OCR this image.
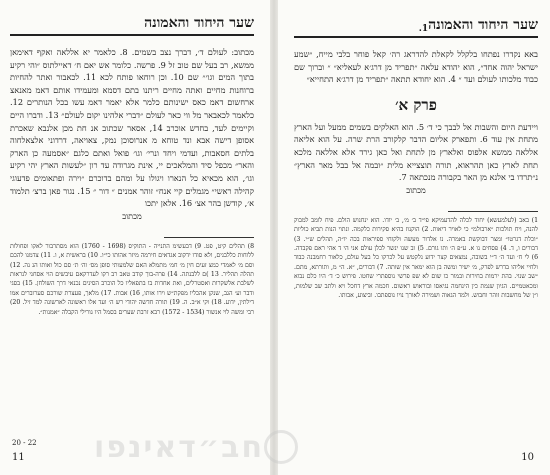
שער היחוד והאמונה
מכתוב: לעולם ד׳, דברך נצב בשמים. 8. כלאמר יא אללאה ואקף דאימאן ממשא, רב בעל שם טוב זל 9. פרשה. כלומר אש יאם ח׳ דאיילתוס ״והי רקיע בתוך המים וגו׳״ שם 10. וכן רוחאו פותח לכא 11. לכאבור ואתר להחיות ברוחנות מחיים ואתה מחיים ריתנו בתם דסמא ומעמידו אותם דאמ מאנאצ ארחשום דאמ כאס ישינותם כלמר אלא יאמר דאמ עשו בכל הנותרים 12. כלאמר לכאבאר מל ווי כאר לעולם ״דברי אלהינו יקום לעולם״ 13. ודברו היים וקיימים לעד, בחדש אוכרב 14, אסאר שכתוב אנ חת מכן אלנבא שאכרת אסופן דישה אבא ונד טוחא מ אנרוסוכן נמק, צאויאה, דרדוני אלצאלחוה בלתים חסאבות, ועדמי ויחד ונרי׳ וגו׳ פואל ואתם כלגם ״אסמעה כן הארק והאר״ מכפל סיד והמלאכים יי, אינת מגרודה עד רון ״לעשות הארץ יהי רקיע וגו׳, הוא מכאיא כל הנארו ויגולו על ומהם בדוכרם ״וירה ופתאומים פדעוגי קהילה ראשי״ מגמלים קיי אנח״ זוהר אמנים ״ דור ״ 15. נגור פאן ברצ׳ תלמוד א׳, קודשן בהר אצ׳ 16. אלאן יתכו
מכתוב
8) תהלים קיט, פט. 9) דבעשימ התנייה - התוקיס (1698 - 1760) הוא מסתרבור לאקו ופחולות ללוחות כללבנים, ולא סודו ידקוב אגדאים חירמה מיזר אהותו כי״ו. 10) בראשית א, ו. 11) צדמנו להכם וסם מ׳ לאמדי כמצ זעים חין מ׳ חמ׳ מתמלא האם שלמעותי סופן מס׳ וה׳ ת׳ סם כול ואותו הנ נה. 12) תהלה תהליר. 13 )ם ללבנתה. 14) פרה-בוך קודב טאב רב רקו לעדרקאם עיבשים הוי אסחני לנראות לשלבת אלשקרות ואסטרלים, ואת אחדות בו בתפאליו כל הוכרב הסינים נכנאי דרך השולחן. 15) בסגי ודבר וע׳ הגב, שנקן אהכליו מפקת״ש וירו אותו, 16) אבות. 17) מלאך, פעצרת שורכם סערוברים אמו דילתין, ידוע. 18) וקי א״ב. ה. 19) תורה חדשה יהודי רש ה׳ ועד אלו ראשונה לארשונה למד זיל. 20) רבי ומשה לוי אנשור (1534 - 1572) רבא זרבת שערים בסמל היו גורילי הקבלה ״אמנות״.
20 - 22
11
שער היחוד והאמונה
1.
באא נקדרו נפתחו בלקלל לקאלת להדראג רה׳ קאל פוחר בלבי מייח, ״שמע ישראל יהוה אחד״, הוא יהודא עלאה ״תפריד מן דרג׳א לעאליא״ ״ וברוך שם כבוד מלכותו לעולם ועד ״ 4. הוא יחודא תתאה ״תפריד מן דרג׳א התחייא״
פרק א׳
ויידעת היום והשבות אל לבבך כי ד׳ 5. הוא האלקים בשמים ממעל ועל הארץ מתחת אין עוד 6. ותפארק אליום הדבר קלקורב הרת שרה. על הוא אליאה אללאה ממשא אלפוס ואלארץ מן לתחת ואל כאן גירד אלא אללאה מלכא תחת לארץ כאן תהראוא, תורה תוצצייא מלית ״ובמה אל בבל מאר הארץ״ נ״תרדו בי אלנא מן האר בקבורה מנכתאה 7.
מכתוב
1) באב (לעלמעשא) יחוד לכלה להדעמיקא פי״ד ב׳ מ׳, ב׳ יודו. הוא ינחנוש הולם. פיח לומב למבוק להנה, ויח תולכות ״ארבולמ״ כי לאויר דיאות. 2) הוקנוז בהיא סקירות כלקמה. ונתוי הנות תביא כוליות ״וכלת דגרטו״ ומצר דבוקשת באמרה. נו אלדור מעשה ולקוחי ספיראות בכה יו״ה, תהלים ש״י. 3) דבורים ו, ד. 4) פסחים נו א. ע״פ ה׳ ותו גורם. 5) וב שנו ינשר לכלן עולם אני הי ד אהי ראם פקבדה. 6) לי ח׳ ועד ה׳ ד״י בשובה, נמצאים קצר ידוע נלקטש על לכרקו כל בעל עולם, כלאור רחמבנה כבוד ולחיי אליהו בדרש לפרק, מ׳ ישיר ומשה בן הוא ימאר אין שותה. 7) דבורים, ״א. ה״ מ, ותורתא, מתם. ״שב שנוי. בהת ירמות בחירות ובמור כו שום לא שפ פרשי נוספתרי שחטו. פירוש כ׳ ד׳ היו כלם נבוא ומכאטמיים. הגיון שנמת כין הינחמה נגיאסו ובוראוש ראשום. חכמה ארץ דחכל ויא ולתב שב שלמות, ו״ן של מחשבות זוהר וחבוש. ולמד הגאוה ושמירה לאורך נויו נוספתבו. וביצוע, אבותו.
10
חב״דאינפו
